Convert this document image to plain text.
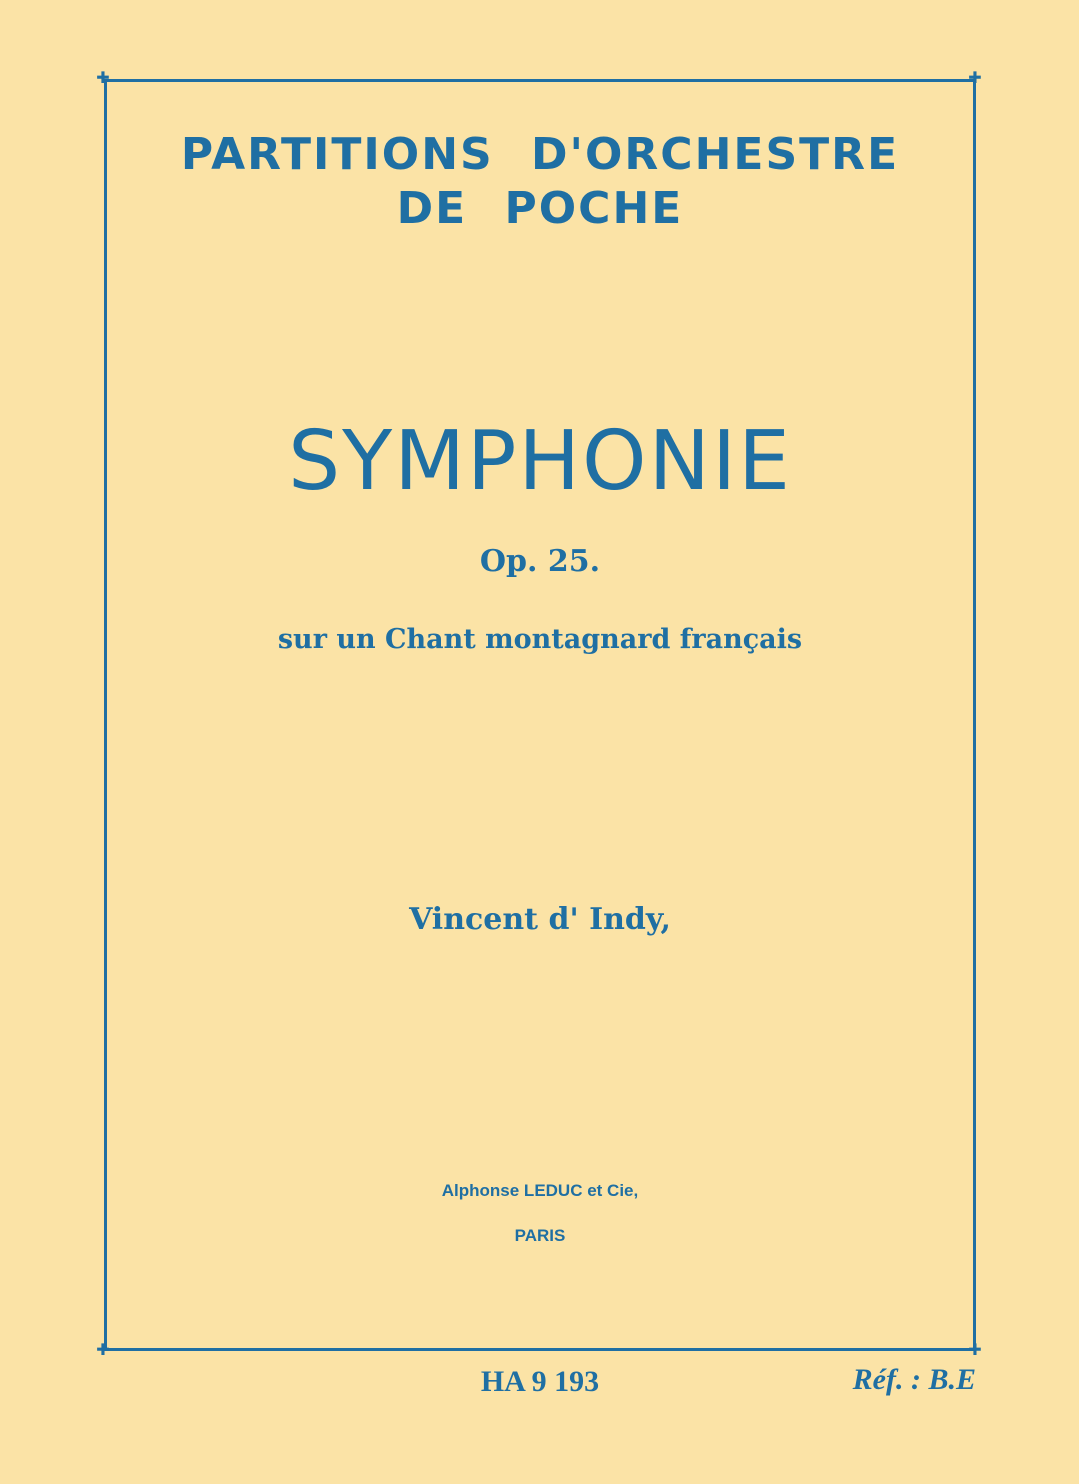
✚	✚
✚	✚
PARTITIONS D'ORCHESTRE
DE POCHE
SYMPHONIE
Op. 25.
sur un Chant montagnard français
Vincent d' Indy,
Alphonse LEDUC et Cie,
PARIS
HA 9 193	Réf. : B.E
